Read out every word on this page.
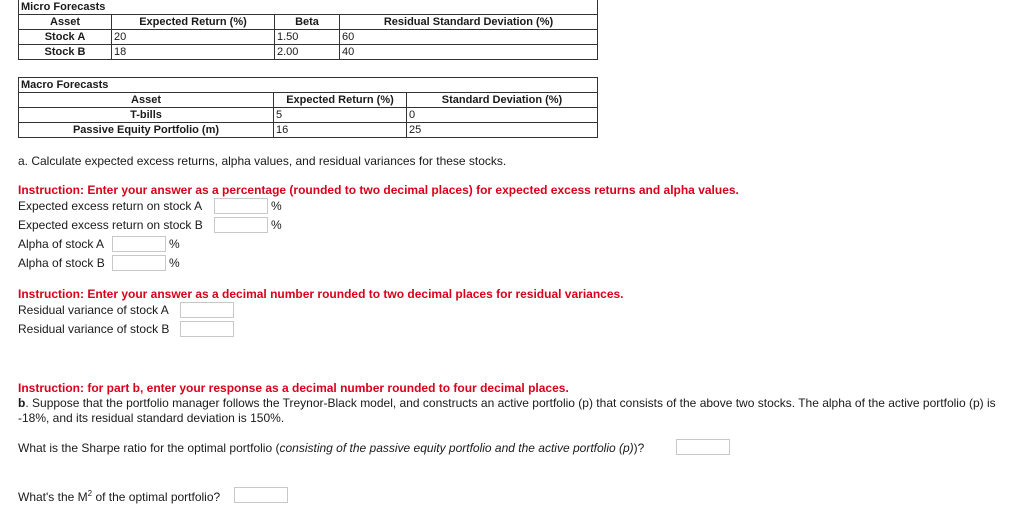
Micro Forecasts			
Asset	Expected Return (%)	Beta	Residual Standard Deviation (%)
Stock A	20	1.50	60
Stock B	18	2.00	40
Macro Forecasts		
Asset	Expected Return (%)	Standard Deviation (%)
T-bills	5	0
Passive Equity Portfolio (m)	16	25
a. Calculate expected excess returns, alpha values, and residual variances for these stocks.
Instruction: Enter your answer as a percentage (rounded to two decimal places) for expected excess returns and alpha values.
Expected excess return on stock A	%
Expected excess return on stock B	%
Alpha of stock A	%
Alpha of stock B	%
Instruction: Enter your answer as a decimal number rounded to two decimal places for residual variances.
Residual variance of stock A
Residual variance of stock B
Instruction: for part b, enter your response as a decimal number rounded to four decimal places.
b. Suppose that the portfolio manager follows the Treynor-Black model, and constructs an active portfolio (p) that consists of the above two stocks. The alpha of the active portfolio (p) is -18%, and its residual standard deviation is 150%.
What is the Sharpe ratio for the optimal portfolio (consisting of the passive equity portfolio and the active portfolio (p))?
What's the $M^2$ of the optimal portfolio?
